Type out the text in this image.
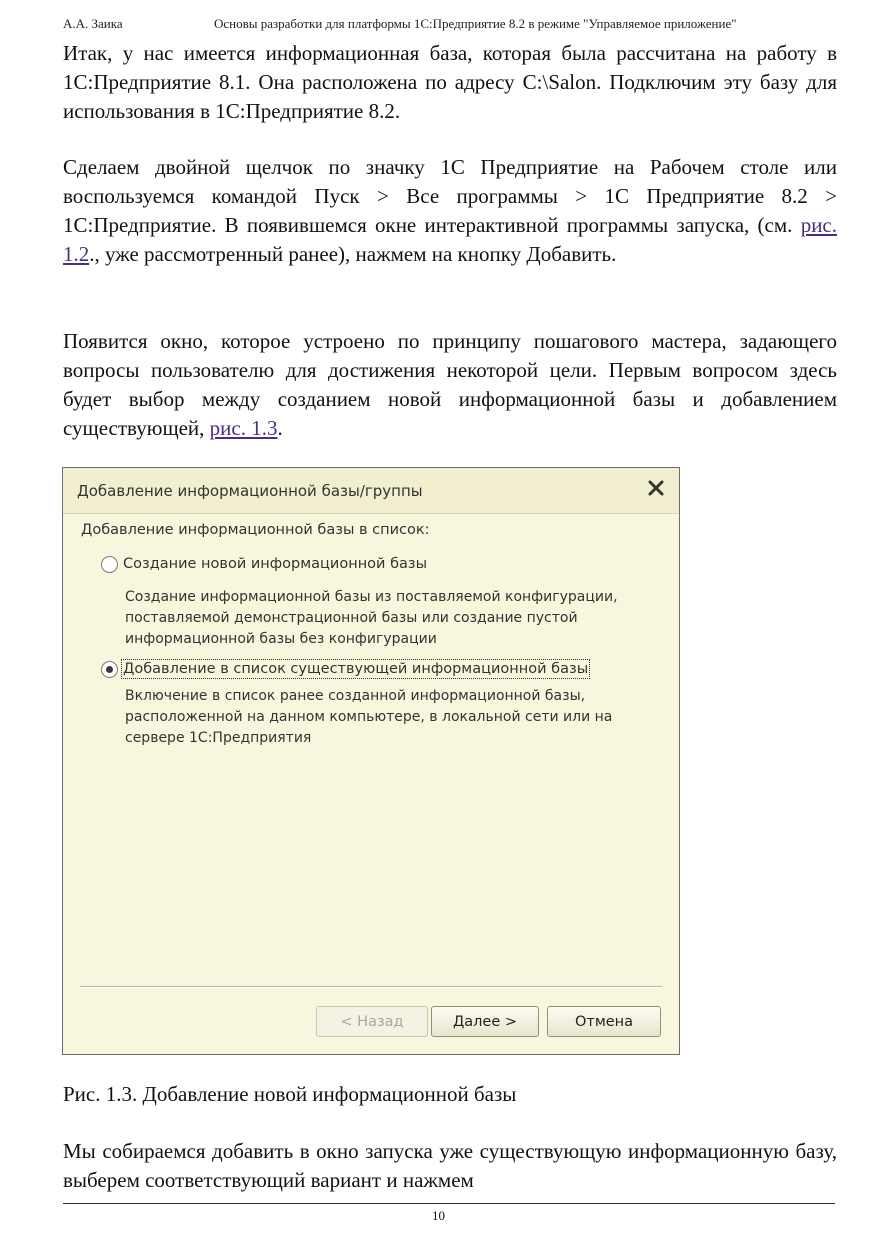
А.А. Заика	Основы разработки для платформы 1С:Предприятие 8.2 в режиме "Управляемое приложение"

Итак, у нас имеется информационная база, которая была рассчитана на работу в 1С:Предприятие 8.1. Она расположена по адресу C:\Salon. Подключим эту базу для использования в 1С:Предприятие 8.2.

Сделаем двойной щелчок по значку 1С Предприятие на Рабочем столе или воспользуемся командой Пуск > Все программы > 1С Предприятие 8.2 > 1С:Предприятие. В появившемся окне интерактивной программы запуска, (см. рис. 1.2., уже рассмотренный ранее), нажмем на кнопку Добавить.

Появится окно, которое устроено по принципу пошагового мастера, задающего вопросы пользователю для достижения некоторой цели. Первым вопросом здесь будет выбор между созданием новой информационной базы и добавлением существующей, рис. 1.3.

Добавление информационной базы/группы
Добавление информационной базы в список:
Создание новой информационной базы
Создание информационной базы из поставляемой конфигурации, поставляемой демонстрационной базы или создание пустой информационной базы без конфигурации
Добавление в список существующей информационной базы
Включение в список ранее созданной информационной базы, расположенной на данном компьютере, в локальной сети или на сервере 1С:Предприятия
< Назад	Далее >	Отмена
Рис. 1.3. Добавление новой информационной базы

Мы собираемся добавить в окно запуска уже существующую информационную базу, выберем соответствующий вариант и нажмем

10
